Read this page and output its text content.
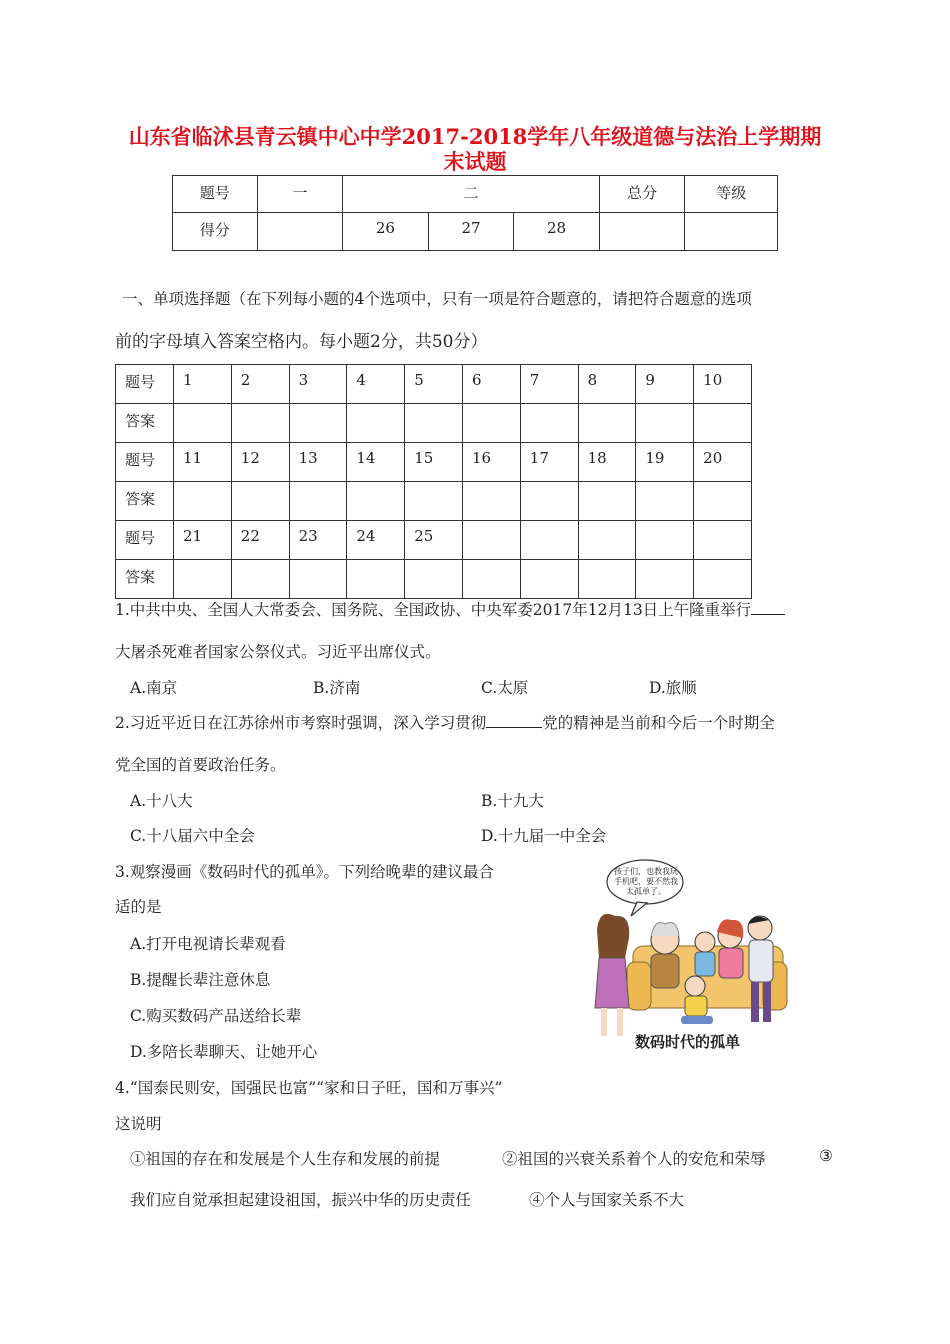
山东省临沭县青云镇中心中学2017-2018学年八年级道德与法治上学期期
末试题
题号	一	二			总分	等级
得分		26	27	28		
一、单项选择题（在下列每小题的4个选项中，只有一项是符合题意的，请把符合题意的选项
前的字母填入答案空格内。每小题2分，共50分）
题号	1	2	3	4	5	6	7	8	9	10
答案										
题号	11	12	13	14	15	16	17	18	19	20
答案										
题号	21	22	23	24	25					
答案										
1.中共中央、全国人大常委会、国务院、全国政协、中央军委2017年12月13日上午隆重举行
大屠杀死难者国家公祭仪式。习近平出席仪式。
A.南京	B.济南	C.太原	D.旅顺
2.习近平近日在江苏徐州市考察时强调，深入学习贯彻	党的精神是当前和今后一个时期全
党全国的首要政治任务。
A.十八大	B.十九大
C.十八届六中全会	D.十九届一中全会
3.观察漫画《数码时代的孤单》。下列给晚辈的建议最合
适的是
A.打开电视请长辈观看
B.提醒长辈注意休息
C.购买数码产品送给长辈
D.多陪长辈聊天、让她开心
孩子们，也教我玩手机吧，要不然我太孤单了。
数码时代的孤单
4.“国泰民则安，国强民也富”“家和日子旺，国和万事兴”
这说明
①祖国的存在和发展是个人生存和发展的前提	②祖国的兴衰关系着个人的安危和荣辱	③
我们应自觉承担起建设祖国，振兴中华的历史责任	④个人与国家关系不大
